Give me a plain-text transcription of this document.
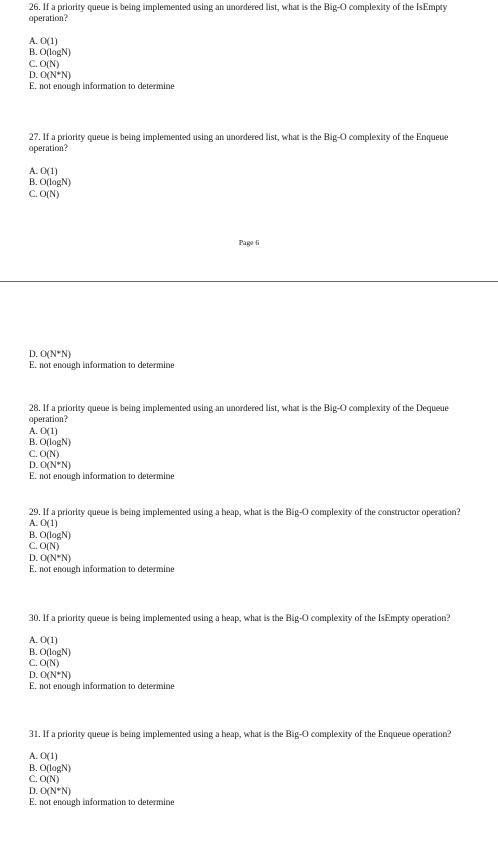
26. If a priority queue is being implemented using an unordered list, what is the Big-O complexity of the IsEmpty operation?

A. O(1)

B. O(logN)

C. O(N)

D. O(N*N)

E. not enough information to determine

27. If a priority queue is being implemented using an unordered list, what is the Big-O complexity of the Enqueue operation?

A. O(1)

B. O(logN)

C. O(N)

Page 6

D. O(N*N)

E. not enough information to determine

28. If a priority queue is being implemented using an unordered list, what is the Big-O complexity of the Dequeue operation?

A. O(1)

B. O(logN)

C. O(N)

D. O(N*N)

E. not enough information to determine

29. If a priority queue is being implemented using a heap, what is the Big-O complexity of the constructor operation?

A. O(1)

B. O(logN)

C. O(N)

D. O(N*N)

E. not enough information to determine

30. If a priority queue is being implemented using a heap, what is the Big-O complexity of the IsEmpty operation?

A. O(1)

B. O(logN)

C. O(N)

D. O(N*N)

E. not enough information to determine

31. If a priority queue is being implemented using a heap, what is the Big-O complexity of the Enqueue operation?

A. O(1)

B. O(logN)

C. O(N)

D. O(N*N)

E. not enough information to determine
